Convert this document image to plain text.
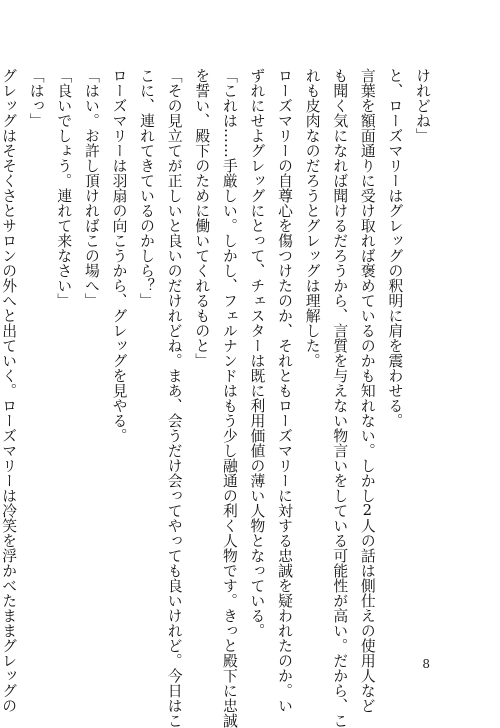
けれどね」
と、ローズマリーはグレッグの釈明に肩を震わせる。
言葉を額面通りに受け取れば褒めているのかも知れない。しかし2人の話は側仕えの使用人など
も聞く気になれば聞けるだろうから、言質を与えない物言いをしている可能性が高い。だから、こ
れも皮肉なのだろうとグレッグは理解した。
ローズマリーの自尊心を傷つけたのか、それともローズマリーに対する忠誠を疑われたのか。い
ずれにせよグレッグにとって、チェスターは既に利用価値の薄い人物となっている。
「これは……手厳しい。しかし、フェルナンドはもう少し融通の利く人物です。きっと殿下に忠誠
を誓い、殿下のために働いてくれるものと」
「その見立てが正しいと良いのだけれどね。まあ、会うだけ会ってやっても良いけれど。今日はこ
こに、連れてきているのかしら？」
ローズマリーは羽扇の向こうから、グレッグを見やる。
「はい。お許し頂ければこの場へ」
「良いでしょう。連れて来なさい」
「はっ」
グレッグはそそくさとサロンの外へと出ていく。ローズマリーは冷笑を浮かべたままグレッグの	8
